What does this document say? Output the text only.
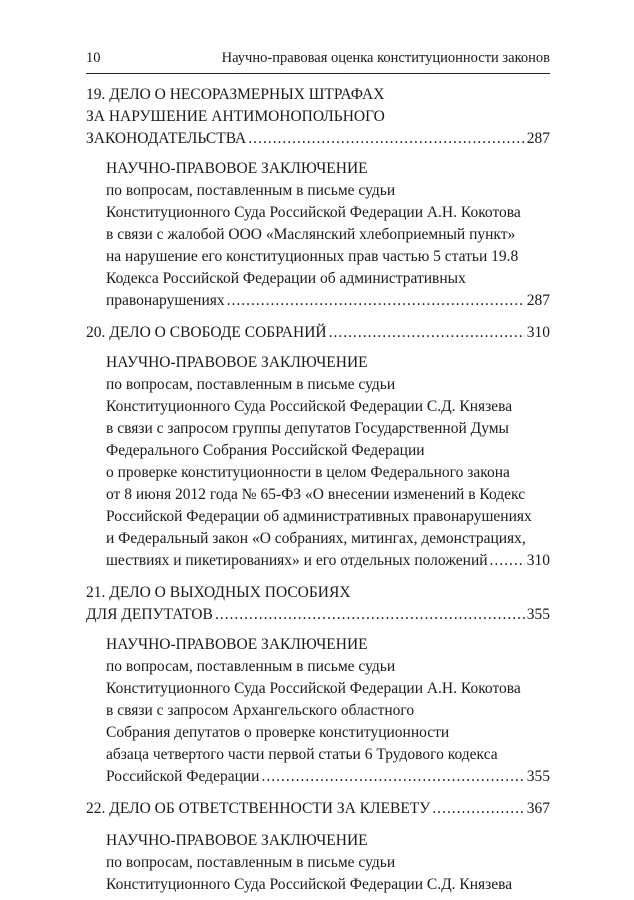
10	Научно-правовая оценка конституционности законов
19. ДЕЛО О НЕСОРАЗМЕРНЫХ ШТРАФАХ
ЗА НАРУШЕНИЕ АНТИМОНОПОЛЬНОГО
ЗАКОНОДАТЕЛЬСТВА .....	287
НАУЧНО-ПРАВОВОЕ ЗАКЛЮЧЕНИЕ
по вопросам, поставленным в письме судьи
Конституционного Суда Российской Федерации А.Н. Кокотова
в связи с жалобой ООО «Маслянский хлебоприемный пункт»
на нарушение его конституционных прав частью 5 статьи 19.8
Кодекса Российской Федерации об административных
правонарушениях .....	287
20. ДЕЛО О СВОБОДЕ СОБРАНИЙ .....	310
НАУЧНО-ПРАВОВОЕ ЗАКЛЮЧЕНИЕ
по вопросам, поставленным в письме судьи
Конституционного Суда Российской Федерации С.Д. Князева
в связи с запросом группы депутатов Государственной Думы
Федерального Собрания Российской Федерации
о проверке конституционности в целом Федерального закона
от 8 июня 2012 года № 65-ФЗ «О внесении изменений в Кодекс
Российской Федерации об административных правонарушениях
и Федеральный закон «О собраниях, митингах, демонстрациях,
шествиях и пикетированиях» и его отдельных положений .....	310
21. ДЕЛО О ВЫХОДНЫХ ПОСОБИЯХ
ДЛЯ ДЕПУТАТОВ .....	355
НАУЧНО-ПРАВОВОЕ ЗАКЛЮЧЕНИЕ
по вопросам, поставленным в письме судьи
Конституционного Суда Российской Федерации А.Н. Кокотова
в связи с запросом Архангельского областного
Собрания депутатов о проверке конституционности
абзаца четвертого части первой статьи 6 Трудового кодекса
Российской Федерации .....	355
22. ДЕЛО ОБ ОТВЕТСТВЕННОСТИ ЗА КЛЕВЕТУ .....	367
НАУЧНО-ПРАВОВОЕ ЗАКЛЮЧЕНИЕ
по вопросам, поставленным в письме судьи
Конституционного Суда Российской Федерации С.Д. Князева
